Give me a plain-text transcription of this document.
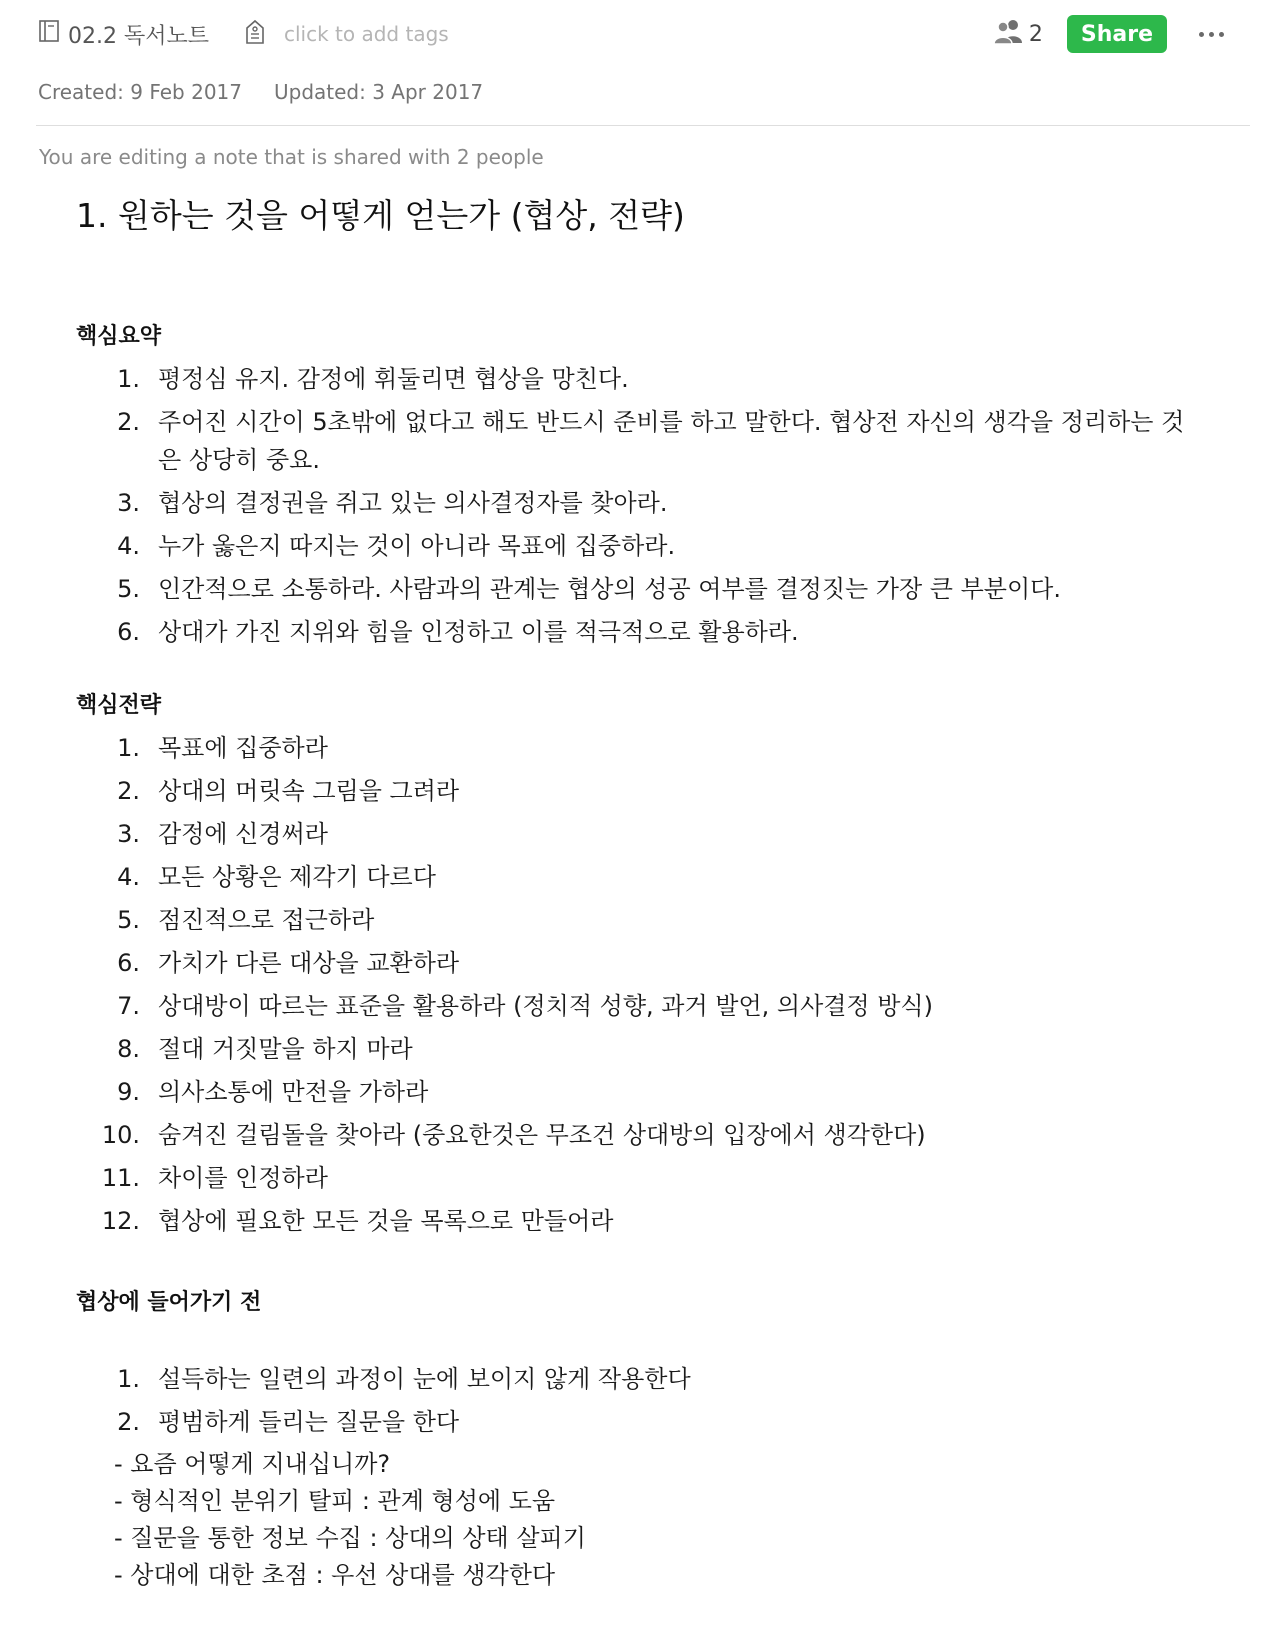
02.2 독서노트	click to add tags	2	Share
Created: 9 Feb 2017 Updated: 3 Apr 2017
You are editing a note that is shared with 2 people
1. 원하는 것을 어떻게 얻는가 (협상, 전략)
핵심요약
1. 평정심 유지. 감정에 휘둘리면 협상을 망친다.
2. 주어진 시간이 5초밖에 없다고 해도 반드시 준비를 하고 말한다. 협상전 자신의 생각을 정리하는 것은 상당히 중요.
3. 협상의 결정권을 쥐고 있는 의사결정자를 찾아라.
4. 누가 옳은지 따지는 것이 아니라 목표에 집중하라.
5. 인간적으로 소통하라. 사람과의 관계는 협상의 성공 여부를 결정짓는 가장 큰 부분이다.
6. 상대가 가진 지위와 힘을 인정하고 이를 적극적으로 활용하라.
핵심전략
1. 목표에 집중하라
2. 상대의 머릿속 그림을 그려라
3. 감정에 신경써라
4. 모든 상황은 제각기 다르다
5. 점진적으로 접근하라
6. 가치가 다른 대상을 교환하라
7. 상대방이 따르는 표준을 활용하라 (정치적 성향, 과거 발언, 의사결정 방식)
8. 절대 거짓말을 하지 마라
9. 의사소통에 만전을 가하라
10. 숨겨진 걸림돌을 찾아라 (중요한것은 무조건 상대방의 입장에서 생각한다)
11. 차이를 인정하라
12. 협상에 필요한 모든 것을 목록으로 만들어라
협상에 들어가기 전
1. 설득하는 일련의 과정이 눈에 보이지 않게 작용한다
2. 평범하게 들리는 질문을 한다
- 요즘 어떻게 지내십니까?
- 형식적인 분위기 탈피 : 관계 형성에 도움
- 질문을 통한 정보 수집 : 상대의 상태 살피기
- 상대에 대한 초점 : 우선 상대를 생각한다
